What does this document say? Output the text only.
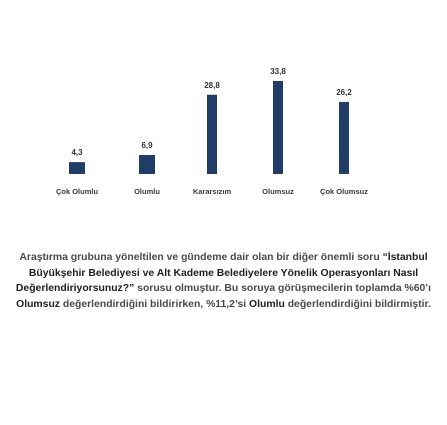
4,3
6,9
28,8
33,8
26,2
Çok Olumlu	Olumlu	Kararsızım	Olumsuz	Çok Olumsuz

Araştırma grubuna yöneltilen ve gündeme dair olan bir diğer önemli soru “İstanbul Büyükşehir Belediyesi ve Alt Kademe Belediyelere Yönelik Operasyonları Nasıl Değerlendiriyorsunuz?” sorusu olmuştur. Bu soruya görüşmecilerin toplamda %60’ı Olumsuz değerlendirdiğini bildirirken, %11,2’si Olumlu değerlendirdiğini bildirmiştir.
